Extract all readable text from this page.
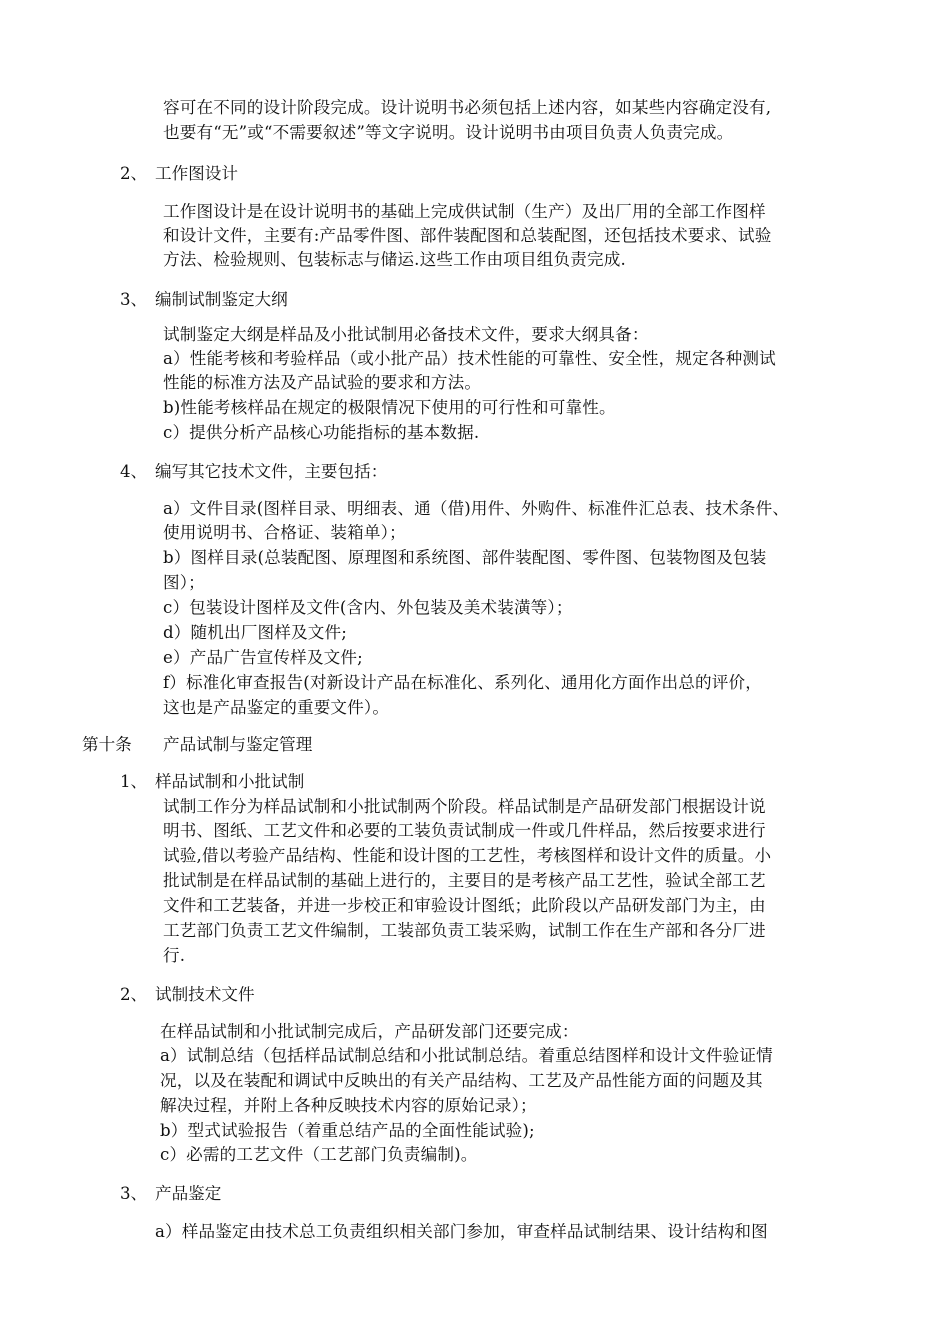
容可在不同的设计阶段完成。设计说明书必须包括上述内容，如某些内容确定没有,

也要有“无”或“不需要叙述”等文字说明。设计说明书由项目负责人负责完成。

2、 工作图设计

工作图设计是在设计说明书的基础上完成供试制（生产）及出厂用的全部工作图样

和设计文件，主要有:产品零件图、部件装配图和总装配图，还包括技术要求、试验

方法、检验规则、包装标志与储运.这些工作由项目组负责完成.

3、 编制试制鉴定大纲

试制鉴定大纲是样品及小批试制用必备技术文件，要求大纲具备：

a）性能考核和考验样品（或小批产品）技术性能的可靠性、安全性，规定各种测试

性能的标准方法及产品试验的要求和方法。

b)性能考核样品在规定的极限情况下使用的可行性和可靠性。

c）提供分析产品核心功能指标的基本数据.

4、 编写其它技术文件，主要包括：

a）文件目录(图样目录、明细表、通（借)用件、外购件、标准件汇总表、技术条件、

使用说明书、合格证、装箱单）；

b）图样目录(总装配图、原理图和系统图、部件装配图、零件图、包装物图及包装

图）；

c）包装设计图样及文件(含内、外包装及美术装潢等）；

d）随机出厂图样及文件;

e）产品广告宣传样及文件;

f）标准化审查报告(对新设计产品在标准化、系列化、通用化方面作出总的评价，

这也是产品鉴定的重要文件）。

第十条 产品试制与鉴定管理
1、 样品试制和小批试制

试制工作分为样品试制和小批试制两个阶段。样品试制是产品研发部门根据设计说

明书、图纸、工艺文件和必要的工装负责试制成一件或几件样品，然后按要求进行

试验,借以考验产品结构、性能和设计图的工艺性，考核图样和设计文件的质量。小

批试制是在样品试制的基础上进行的，主要目的是考核产品工艺性，验试全部工艺

文件和工艺装备，并进一步校正和审验设计图纸；此阶段以产品研发部门为主，由

工艺部门负责工艺文件编制，工装部负责工装采购，试制工作在生产部和各分厂进

行.

2、 试制技术文件

在样品试制和小批试制完成后，产品研发部门还要完成：

a）试制总结（包括样品试制总结和小批试制总结。着重总结图样和设计文件验证情

况，以及在装配和调试中反映出的有关产品结构、工艺及产品性能方面的问题及其

解决过程，并附上各种反映技术内容的原始记录）；

b）型式试验报告（着重总结产品的全面性能试验);

c）必需的工艺文件（工艺部门负责编制)。

3、 产品鉴定

a）样品鉴定由技术总工负责组织相关部门参加，审查样品试制结果、设计结构和图
